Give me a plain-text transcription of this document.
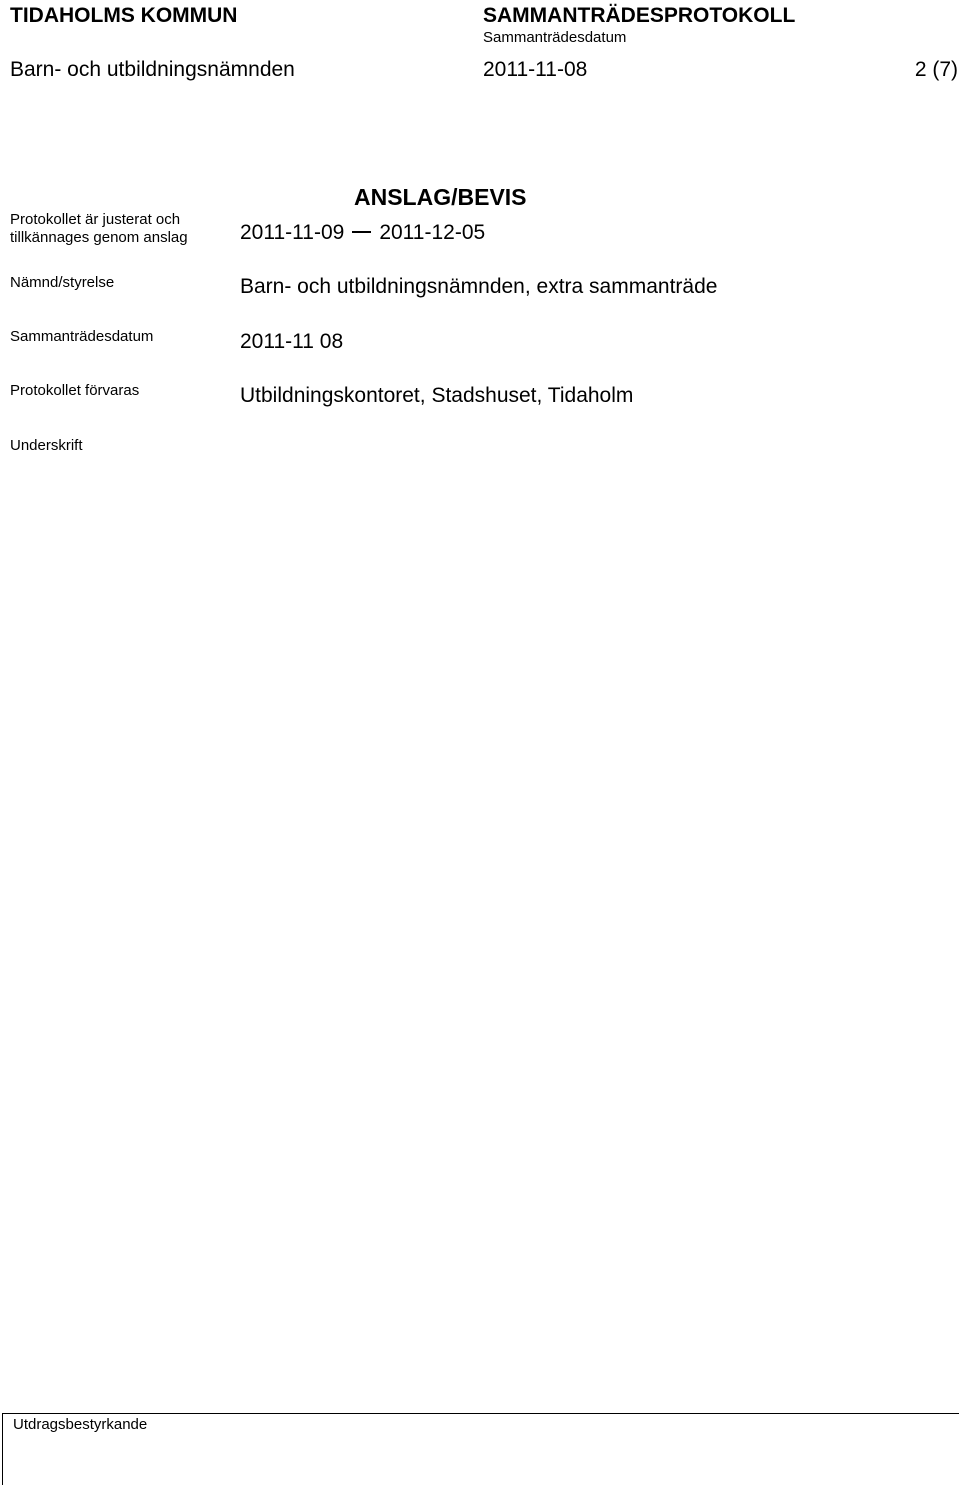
TIDAHOLMS KOMMUN	SAMMANTRÄDESPROTOKOLL
Sammanträdesdatum
Barn- och utbildningsnämnden	2011-11-08	2 (7)
ANSLAG/BEVIS
Protokollet är justerat och tillkännages genom anslag	2011-11-09 2011-12-05
Nämnd/styrelse	Barn- och utbildningsnämnden, extra sammanträde
Sammanträdesdatum	2011-11 08
Protokollet förvaras	Utbildningskontoret, Stadshuset, Tidaholm
Underskrift
Utdragsbestyrkande
